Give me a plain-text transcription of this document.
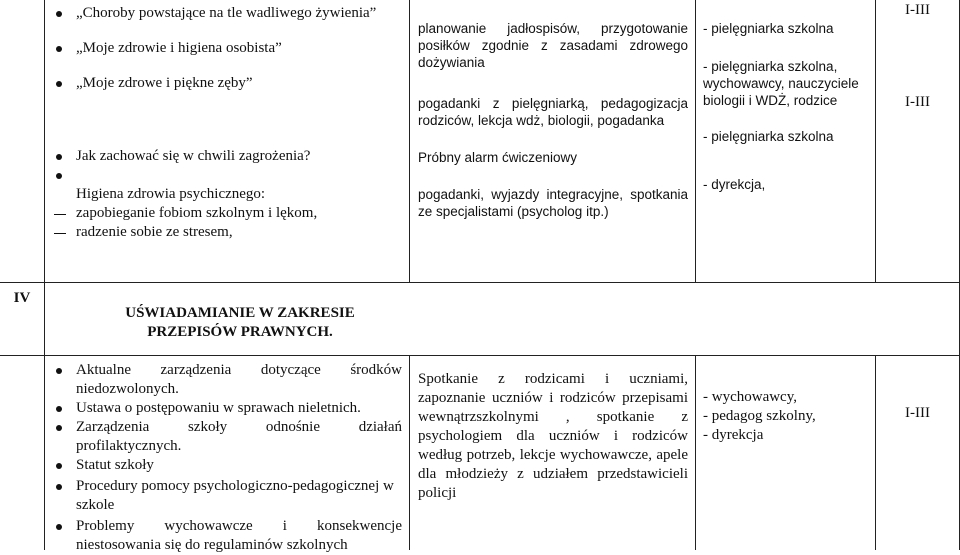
„Choroby powstające na tle wadliwego żywienia”
„Moje zdrowie i higiena osobista”
„Moje zdrowe i piękne zęby”
Jak zachować się w chwili zagrożenia?
Higiena zdrowia psychicznego:
zapobieganie fobiom szkolnym i lękom,
radzenie sobie ze stresem,
planowanie jadłospisów, przygotowanie posiłków zgodnie z zasadami zdrowego dożywiania
pogadanki z pielęgniarką, pedagogizacja rodziców, lekcja wdż, biologii, pogadanka
Próbny alarm ćwiczeniowy
pogadanki, wyjazdy integracyjne, spotkania ze specjalistami (psycholog itp.)
- pielęgniarka szkolna
- pielęgniarka szkolna, wychowawcy, nauczyciele biologii i WDŻ, rodzice
- pielęgniarka szkolna
- dyrekcja,
I-III
I-III
IV
UŚWIADAMIANIE W ZAKRESIE PRZEPISÓW PRAWNYCH.
Aktualne zarządzenia dotyczące środków niedozwolonych.
Ustawa o postępowaniu w sprawach nieletnich.
Zarządzenia szkoły odnośnie działań profilaktycznych.
Statut szkoły
Procedury pomocy psychologiczno-pedagogicznej w szkole
Problemy wychowawcze i konsekwencje niestosowania się do regulaminów szkolnych
Spotkanie z rodzicami i uczniami, zapoznanie uczniów i rodziców przepisami wewnątrzszkolnymi , spotkanie z psychologiem dla uczniów i rodziców według potrzeb, lekcje wychowawcze, apele dla młodzieży z udziałem przedstawicieli policji
- wychowawcy,
- pedagog szkolny,
- dyrekcja
I-III
